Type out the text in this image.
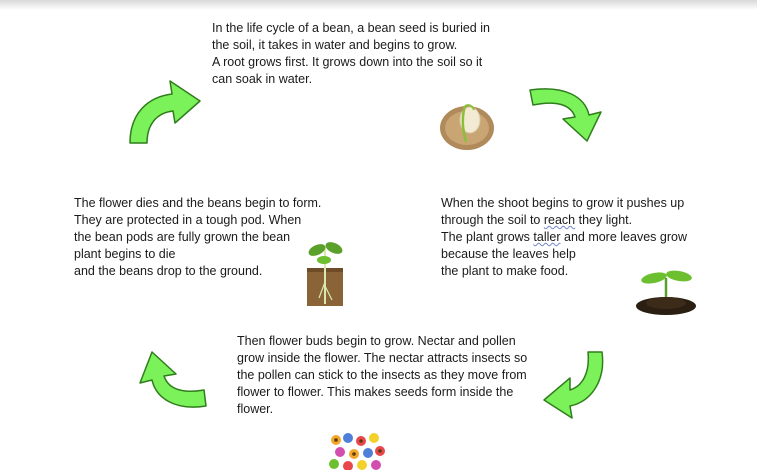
In the life cycle of a bean, a bean seed is buried in
the soil, it takes in water and begins to grow.
A root grows first. It grows down into the soil so it
can soak in water.
When the shoot begins to grow it pushes up
through the soil to reach they light.
The plant grows taller and more leaves grow
because the leaves help
the plant to make food.
The flower dies and the beans begin to form.
They are protected in a tough pod. When
the bean pods are fully grown the bean
plant begins to die
and the beans drop to the ground.
Then flower buds begin to grow. Nectar and pollen
grow inside the flower. The nectar attracts insects so
the pollen can stick to the insects as they move from
flower to flower. This makes seeds form inside the
flower.
